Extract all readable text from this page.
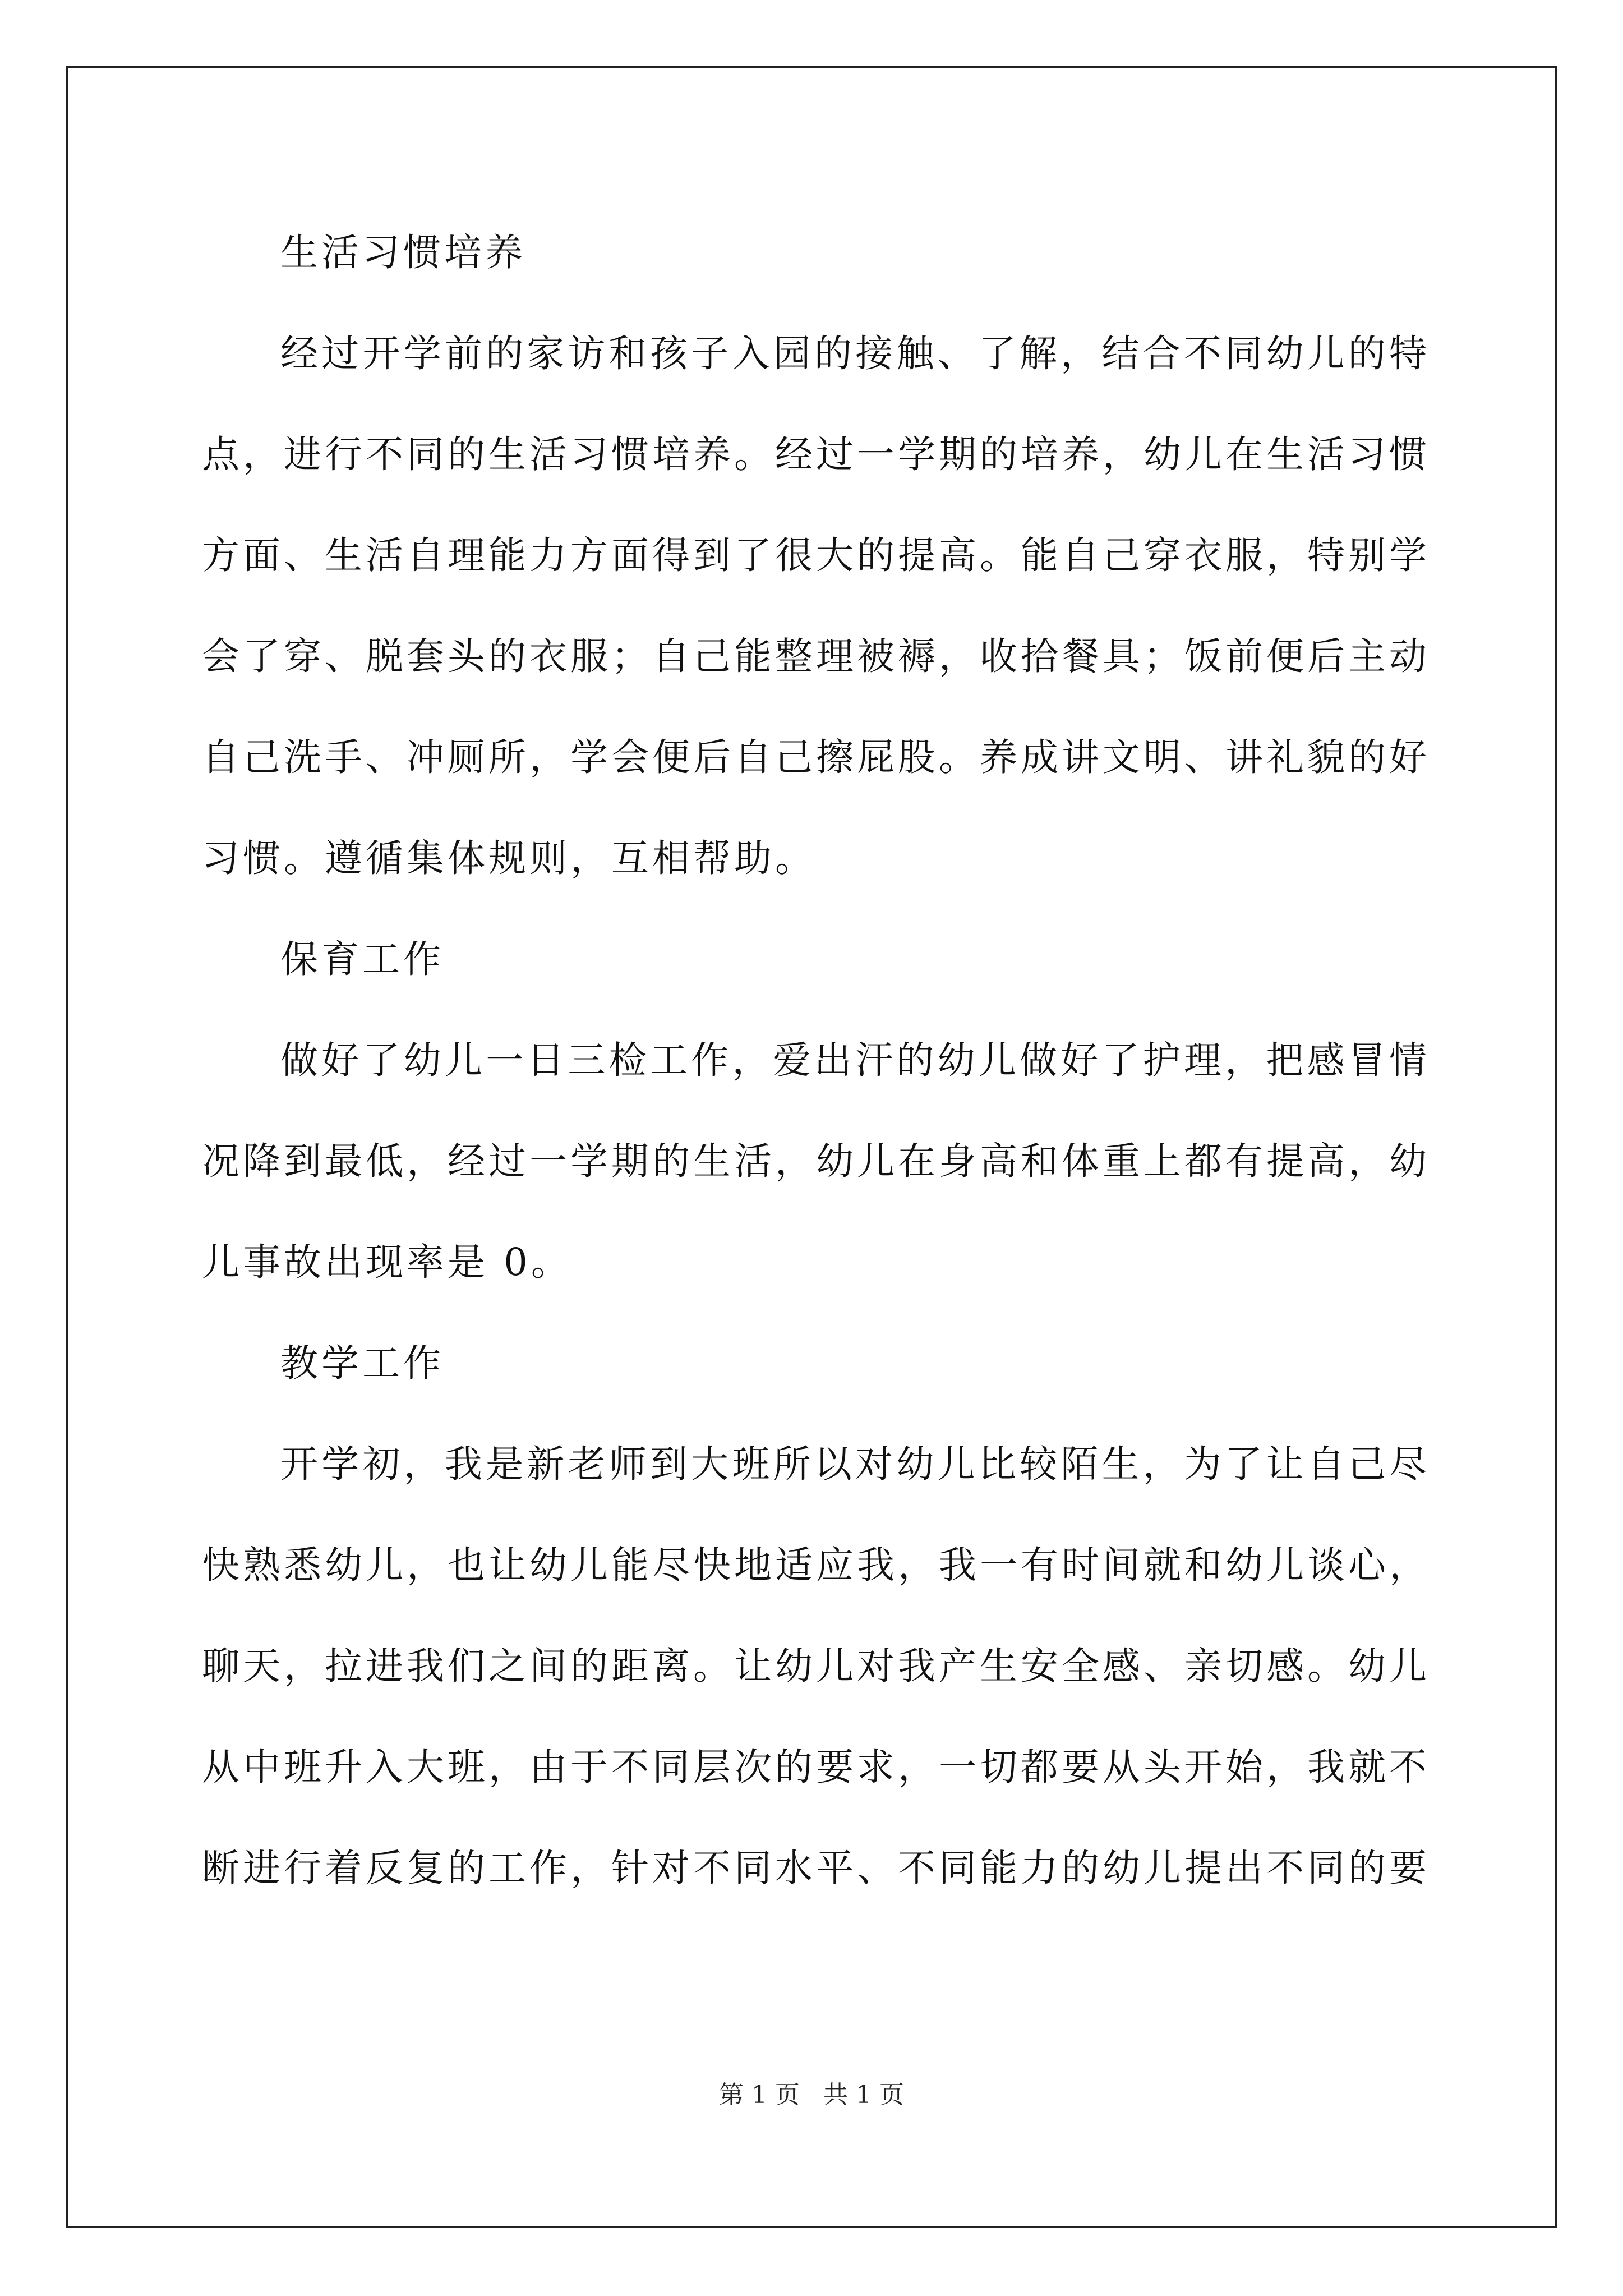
生活习惯培养
经过开学前的家访和孩子入园的接触、了解，结合不同幼儿的特
点，进行不同的生活习惯培养。经过一学期的培养，幼儿在生活习惯
方面、生活自理能力方面得到了很大的提高。能自己穿衣服，特别学
会了穿、脱套头的衣服；自己能整理被褥，收拾餐具；饭前便后主动
自己洗手、冲厕所，学会便后自己擦屁股。养成讲文明、讲礼貌的好
习惯。遵循集体规则，互相帮助。
保育工作
做好了幼儿一日三检工作，爱出汗的幼儿做好了护理，把感冒情
况降到最低，经过一学期的生活，幼儿在身高和体重上都有提高，幼
儿事故出现率是 0。
教学工作
开学初，我是新老师到大班所以对幼儿比较陌生，为了让自己尽
快熟悉幼儿，也让幼儿能尽快地适应我，我一有时间就和幼儿谈心，
聊天，拉进我们之间的距离。让幼儿对我产生安全感、亲切感。幼儿
从中班升入大班，由于不同层次的要求，一切都要从头开始，我就不
断进行着反复的工作，针对不同水平、不同能力的幼儿提出不同的要
第 1 页   共 1 页
